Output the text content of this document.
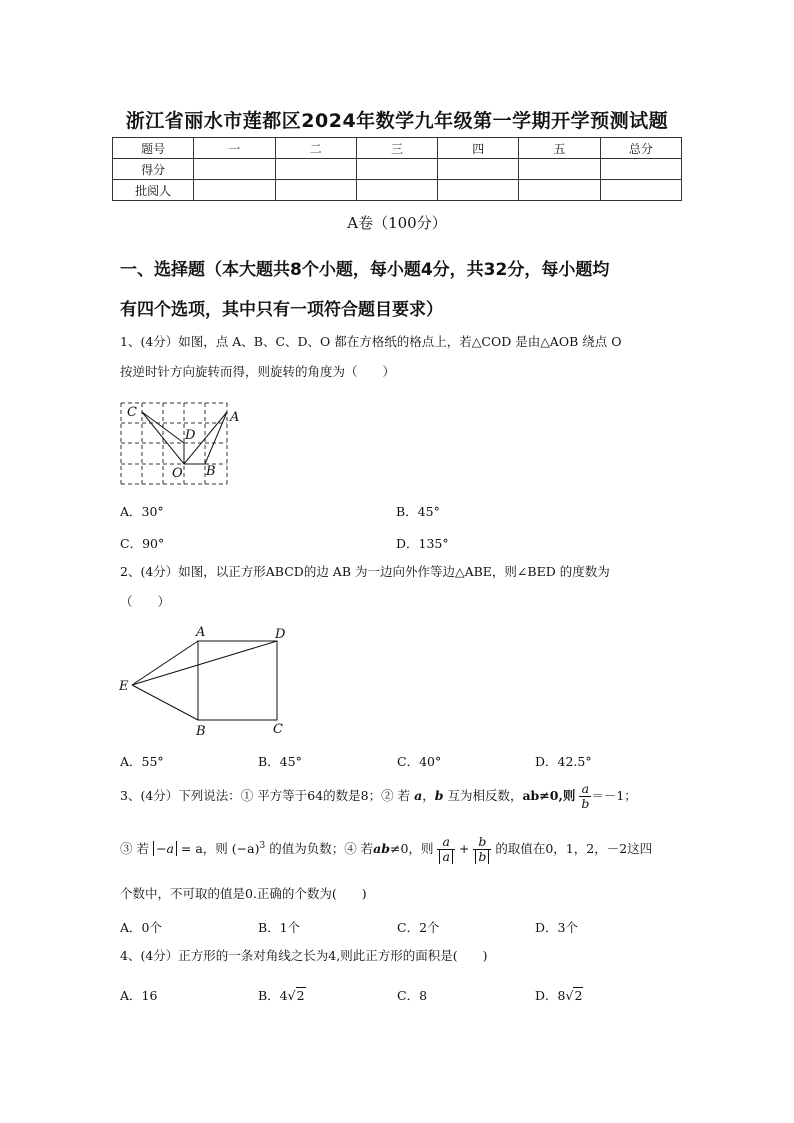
浙江省丽水市莲都区2024年数学九年级第一学期开学预测试题
题号	一	二	三	四	五	总分
得分						
批阅人						
A卷（100分）
一、选择题（本大题共8个小题，每小题4分，共32分，每小题均
有四个选项，其中只有一项符合题目要求）
1、(4分）如图，点 A、B、C、D、O 都在方格纸的格点上，若△COD 是由△AOB 绕点 O
按逆时针方向旋转而得，则旋转的角度为（　　）
C	A
D
O B
A．30°	B．45°
C．90°	D．135°
2、(4分）如图，以正方形ABCD的边 AB 为一边向外作等边△ABE，则∠BED 的度数为
（　　）
A	D
E
B	C
A．55°	B．45°	C．40°	D．42.5°
3、(4分）下列说法：① 平方等于64的数是8；② 若 a，b 互为相反数，ab≠0,则 $\frac{a}{b} =-1$；
③ 若 −a = a，则 $(-a)^3$ 的值为负数；④ 若ab≠0，则 $\frac{a}{a} + \frac{b}{b}$ 的取值在0，1，2，－2这四
个数中，不可取的值是0.正确的个数为(　　)
A．0个	B．1个	C．2个	D．3个
4、(4分）正方形的一条对角线之长为4,则此正方形的面积是(　　)
A．16	B．4√2	C．8	D．8√2
